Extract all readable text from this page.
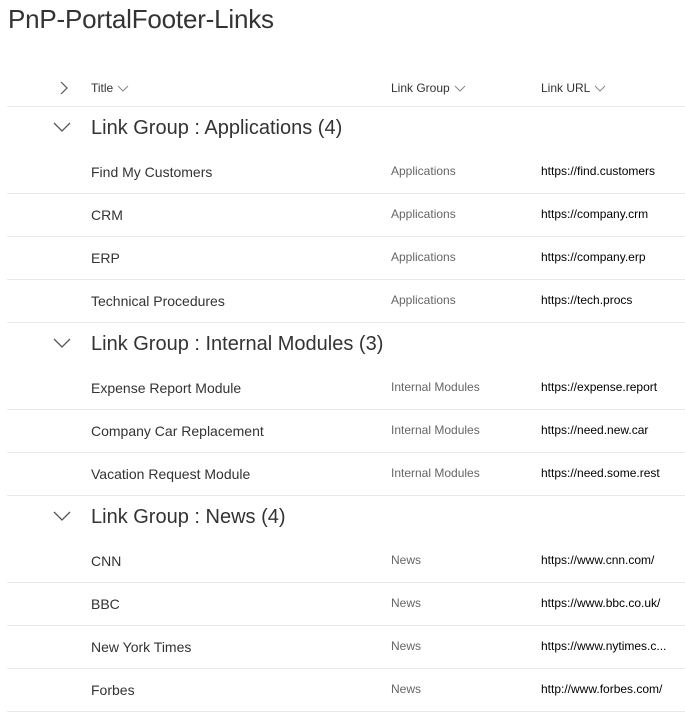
PnP-PortalFooter-Links
Title	Link Group	Link URL
Link Group : Applications (4)
Find My Customers	Applications	https://find.customers
CRM	Applications	https://company.crm
ERP	Applications	https://company.erp
Technical Procedures	Applications	https://tech.procs
Link Group : Internal Modules (3)
Expense Report Module	Internal Modules	https://expense.report
Company Car Replacement	Internal Modules	https://need.new.car
Vacation Request Module	Internal Modules	https://need.some.rest
Link Group : News (4)
CNN	News	https://www.cnn.com/
BBC	News	https://www.bbc.co.uk/
New York Times	News	https://www.nytimes.c...
Forbes	News	http://www.forbes.com/
